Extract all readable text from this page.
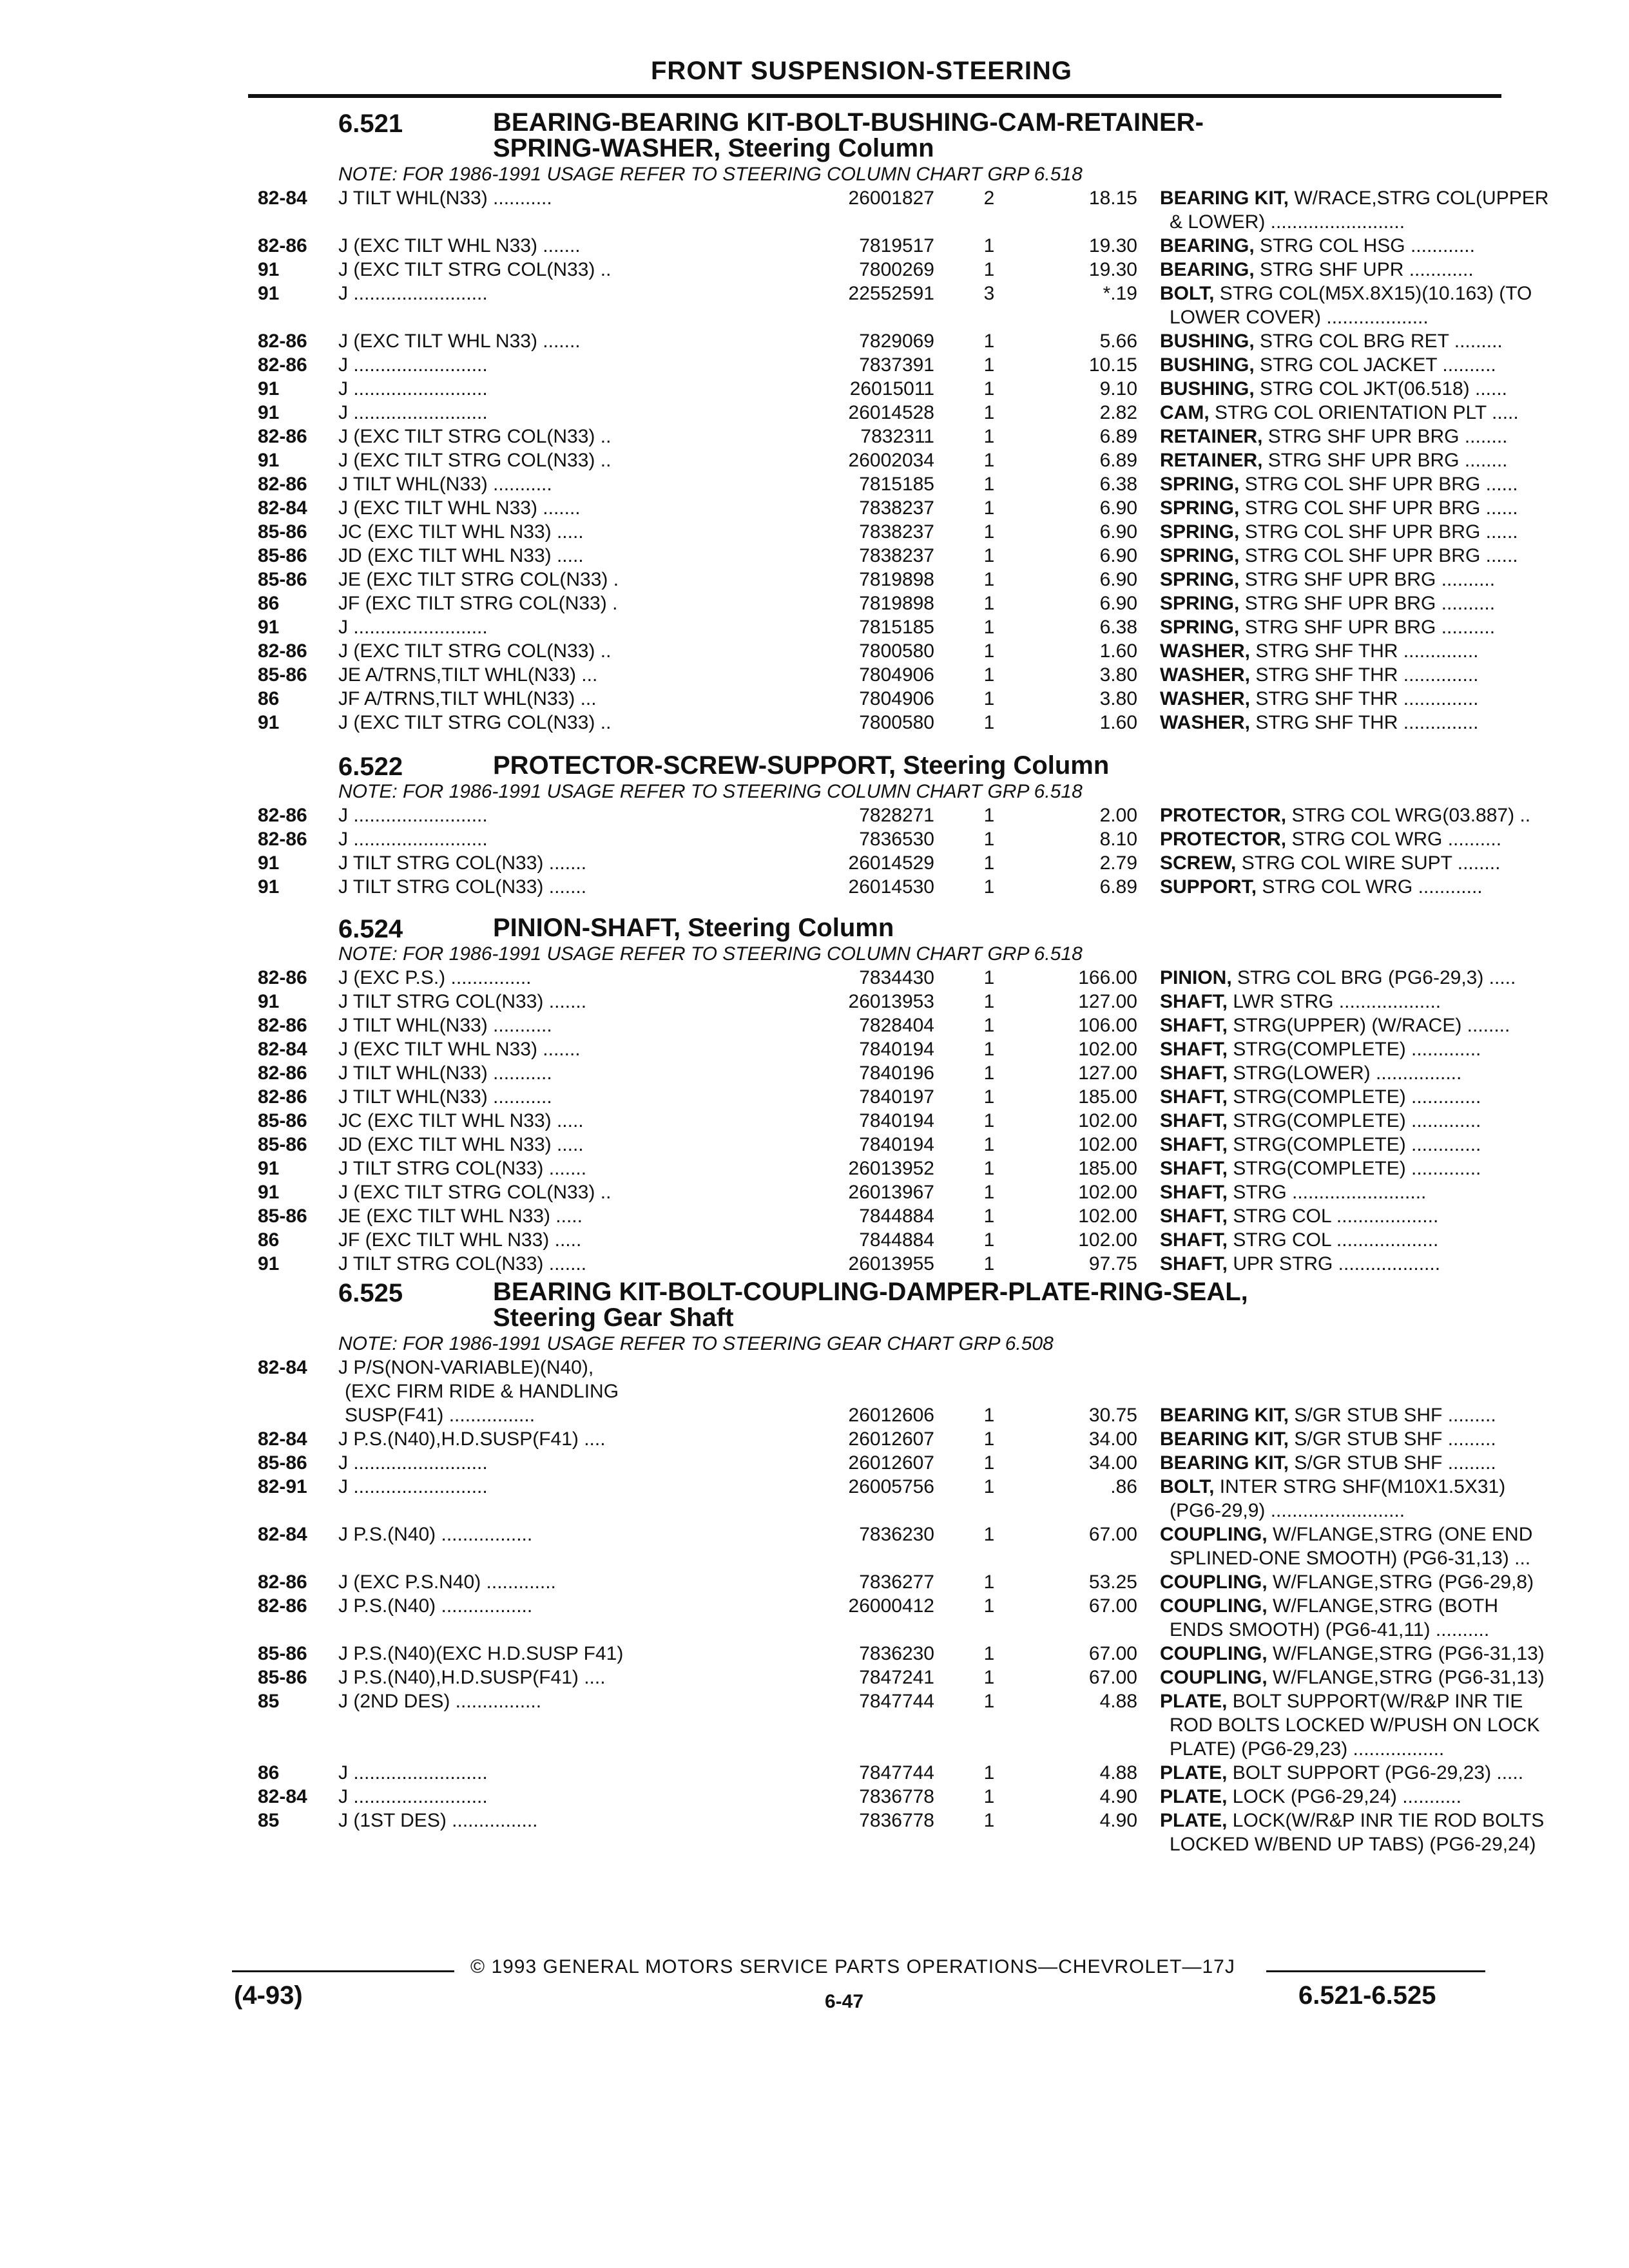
FRONT SUSPENSION-STEERING
6.521	BEARING-BEARING KIT-BOLT-BUSHING-CAM-RETAINER-
SPRING-WASHER, Steering Column
NOTE: FOR 1986-1991 USAGE REFER TO STEERING COLUMN CHART GRP 6.518
82-84 J TILT WHL(N33) ...........	26001827	2	18.15 BEARING KIT, W/RACE,STRG COL(UPPER
& LOWER) .........................
82-86 J (EXC TILT WHL N33) .......	7819517	1	19.30 BEARING, STRG COL HSG ............
91	J (EXC TILT STRG COL(N33) ..	7800269	1	19.30 BEARING, STRG SHF UPR ............
91	J .........................	22552591	3	*.19 BOLT, STRG COL(M5X.8X15)(10.163) (TO
LOWER COVER) ...................
82-86 J (EXC TILT WHL N33) .......	7829069	1	5.66 BUSHING, STRG COL BRG RET .........
82-86 J .........................	7837391	1	10.15 BUSHING, STRG COL JACKET ..........
91	J .........................	26015011	1	9.10 BUSHING, STRG COL JKT(06.518) ......
91	J .........................	26014528	1	2.82 CAM, STRG COL ORIENTATION PLT .....
82-86 J (EXC TILT STRG COL(N33) ..	7832311	1	6.89 RETAINER, STRG SHF UPR BRG ........
91	J (EXC TILT STRG COL(N33) ..	26002034	1	6.89 RETAINER, STRG SHF UPR BRG ........
82-86 J TILT WHL(N33) ...........	7815185	1	6.38 SPRING, STRG COL SHF UPR BRG ......
82-84 J (EXC TILT WHL N33) .......	7838237	1	6.90 SPRING, STRG COL SHF UPR BRG ......
85-86 JC (EXC TILT WHL N33) .....	7838237	1	6.90 SPRING, STRG COL SHF UPR BRG ......
85-86 JD (EXC TILT WHL N33) .....	7838237	1	6.90 SPRING, STRG COL SHF UPR BRG ......
85-86 JE (EXC TILT STRG COL(N33) .	7819898	1	6.90 SPRING, STRG SHF UPR BRG ..........
86	JF (EXC TILT STRG COL(N33) .	7819898	1	6.90 SPRING, STRG SHF UPR BRG ..........
91	J .........................	7815185	1	6.38 SPRING, STRG SHF UPR BRG ..........
82-86 J (EXC TILT STRG COL(N33) ..	7800580	1	1.60 WASHER, STRG SHF THR ..............
85-86 JE A/TRNS,TILT WHL(N33) ...	7804906	1	3.80 WASHER, STRG SHF THR ..............
86	JF A/TRNS,TILT WHL(N33) ...	7804906	1	3.80 WASHER, STRG SHF THR ..............
91	J (EXC TILT STRG COL(N33) ..	7800580	1	1.60 WASHER, STRG SHF THR ..............
6.522	PROTECTOR-SCREW-SUPPORT, Steering Column
NOTE: FOR 1986-1991 USAGE REFER TO STEERING COLUMN CHART GRP 6.518
82-86 J .........................	7828271	1	2.00 PROTECTOR, STRG COL WRG(03.887) ..
82-86 J .........................	7836530	1	8.10 PROTECTOR, STRG COL WRG ..........
91	J TILT STRG COL(N33) .......	26014529	1	2.79 SCREW, STRG COL WIRE SUPT ........
91	J TILT STRG COL(N33) .......	26014530	1	6.89 SUPPORT, STRG COL WRG ............
6.524	PINION-SHAFT, Steering Column
NOTE: FOR 1986-1991 USAGE REFER TO STEERING COLUMN CHART GRP 6.518
82-86 J (EXC P.S.) ...............	7834430	1	166.00 PINION, STRG COL BRG (PG6-29,3) .....
91	J TILT STRG COL(N33) .......	26013953	1	127.00 SHAFT, LWR STRG ...................
82-86 J TILT WHL(N33) ...........	7828404	1	106.00 SHAFT, STRG(UPPER) (W/RACE) ........
82-84 J (EXC TILT WHL N33) .......	7840194	1	102.00 SHAFT, STRG(COMPLETE) .............
82-86 J TILT WHL(N33) ...........	7840196	1	127.00 SHAFT, STRG(LOWER) ................
82-86 J TILT WHL(N33) ...........	7840197	1	185.00 SHAFT, STRG(COMPLETE) .............
85-86 JC (EXC TILT WHL N33) .....	7840194	1	102.00 SHAFT, STRG(COMPLETE) .............
85-86 JD (EXC TILT WHL N33) .....	7840194	1	102.00 SHAFT, STRG(COMPLETE) .............
91	J TILT STRG COL(N33) .......	26013952	1	185.00 SHAFT, STRG(COMPLETE) .............
91	J (EXC TILT STRG COL(N33) ..	26013967	1	102.00 SHAFT, STRG .........................
85-86 JE (EXC TILT WHL N33) .....	7844884	1	102.00 SHAFT, STRG COL ...................
86	JF (EXC TILT WHL N33) .....	7844884	1	102.00 SHAFT, STRG COL ...................
91	J TILT STRG COL(N33) .......	26013955	1	97.75 SHAFT, UPR STRG ...................
6.525	BEARING KIT-BOLT-COUPLING-DAMPER-PLATE-RING-SEAL,
Steering Gear Shaft
NOTE: FOR 1986-1991 USAGE REFER TO STEERING GEAR CHART GRP 6.508
82-84 J P/S(NON-VARIABLE)(N40),
(EXC FIRM RIDE & HANDLING
SUSP(F41) ................	26012606	1	30.75 BEARING KIT, S/GR STUB SHF .........
82-84 J P.S.(N40),H.D.SUSP(F41) ....	26012607	1	34.00 BEARING KIT, S/GR STUB SHF .........
85-86 J .........................	26012607	1	34.00 BEARING KIT, S/GR STUB SHF .........
82-91 J .........................	26005756	1	.86 BOLT, INTER STRG SHF(M10X1.5X31)
(PG6-29,9) .........................
82-84 J P.S.(N40) .................	7836230	1	67.00 COUPLING, W/FLANGE,STRG (ONE END
SPLINED-ONE SMOOTH) (PG6-31,13) ...
82-86 J (EXC P.S.N40) .............	7836277	1	53.25 COUPLING, W/FLANGE,STRG (PG6-29,8)
82-86 J P.S.(N40) .................	26000412	1	67.00 COUPLING, W/FLANGE,STRG (BOTH
ENDS SMOOTH) (PG6-41,11) ..........
85-86 J P.S.(N40)(EXC H.D.SUSP F41)	7836230	1	67.00 COUPLING, W/FLANGE,STRG (PG6-31,13)
85-86 J P.S.(N40),H.D.SUSP(F41) ....	7847241	1	67.00 COUPLING, W/FLANGE,STRG (PG6-31,13)
85	J (2ND DES) ................	7847744	1	4.88 PLATE, BOLT SUPPORT(W/R&P INR TIE
ROD BOLTS LOCKED W/PUSH ON LOCK
PLATE) (PG6-29,23) .................
86	J .........................	7847744	1	4.88 PLATE, BOLT SUPPORT (PG6-29,23) .....
82-84 J .........................	7836778	1	4.90 PLATE, LOCK (PG6-29,24) ...........
85	J (1ST DES) ................	7836778	1	4.90 PLATE, LOCK(W/R&P INR TIE ROD BOLTS
LOCKED W/BEND UP TABS) (PG6-29,24)
© 1993 GENERAL MOTORS SERVICE PARTS OPERATIONS—CHEVROLET—17J
(4-93)	6-47	6.521-6.525
